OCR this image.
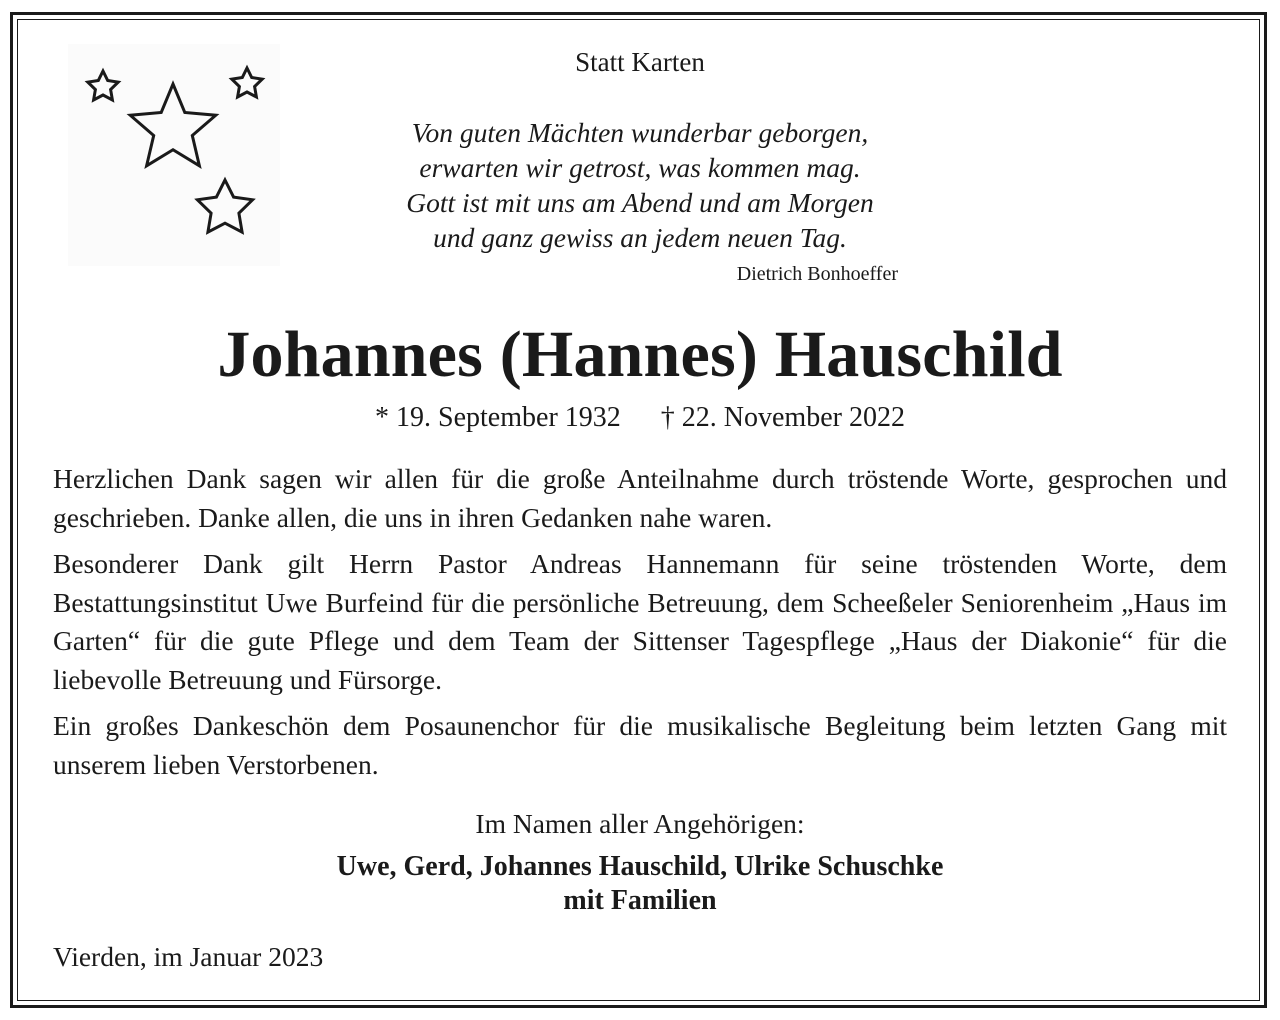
Statt Karten
Von guten Mächten wunderbar geborgen,
erwarten wir getrost, was kommen mag.
Gott ist mit uns am Abend und am Morgen
und ganz gewiss an jedem neuen Tag.
Dietrich Bonhoeffer
Johannes (Hannes) Hauschild
* 19. September 1932 † 22. November 2022

Herzlichen Dank sagen wir allen für die große Anteilnahme durch tröstende Worte, gesprochen und geschrieben. Danke allen, die uns in ihren Gedanken nahe waren.

Besonderer Dank gilt Herrn Pastor Andreas Hannemann für seine tröstenden Worte, dem Bestattungsinstitut Uwe Burfeind für die persönliche Betreuung, dem Scheeßeler Seniorenheim „Haus im Garten“ für die gute Pflege und dem Team der Sittenser Tagespflege „Haus der Diakonie“ für die liebevolle Betreuung und Fürsorge.

Ein großes Dankeschön dem Posaunenchor für die musikalische Begleitung beim letzten Gang mit unserem lieben Verstorbenen.

Im Namen aller Angehörigen:
Uwe, Gerd, Johannes Hauschild, Ulrike Schuschke
mit Familien
Vierden, im Januar 2023
